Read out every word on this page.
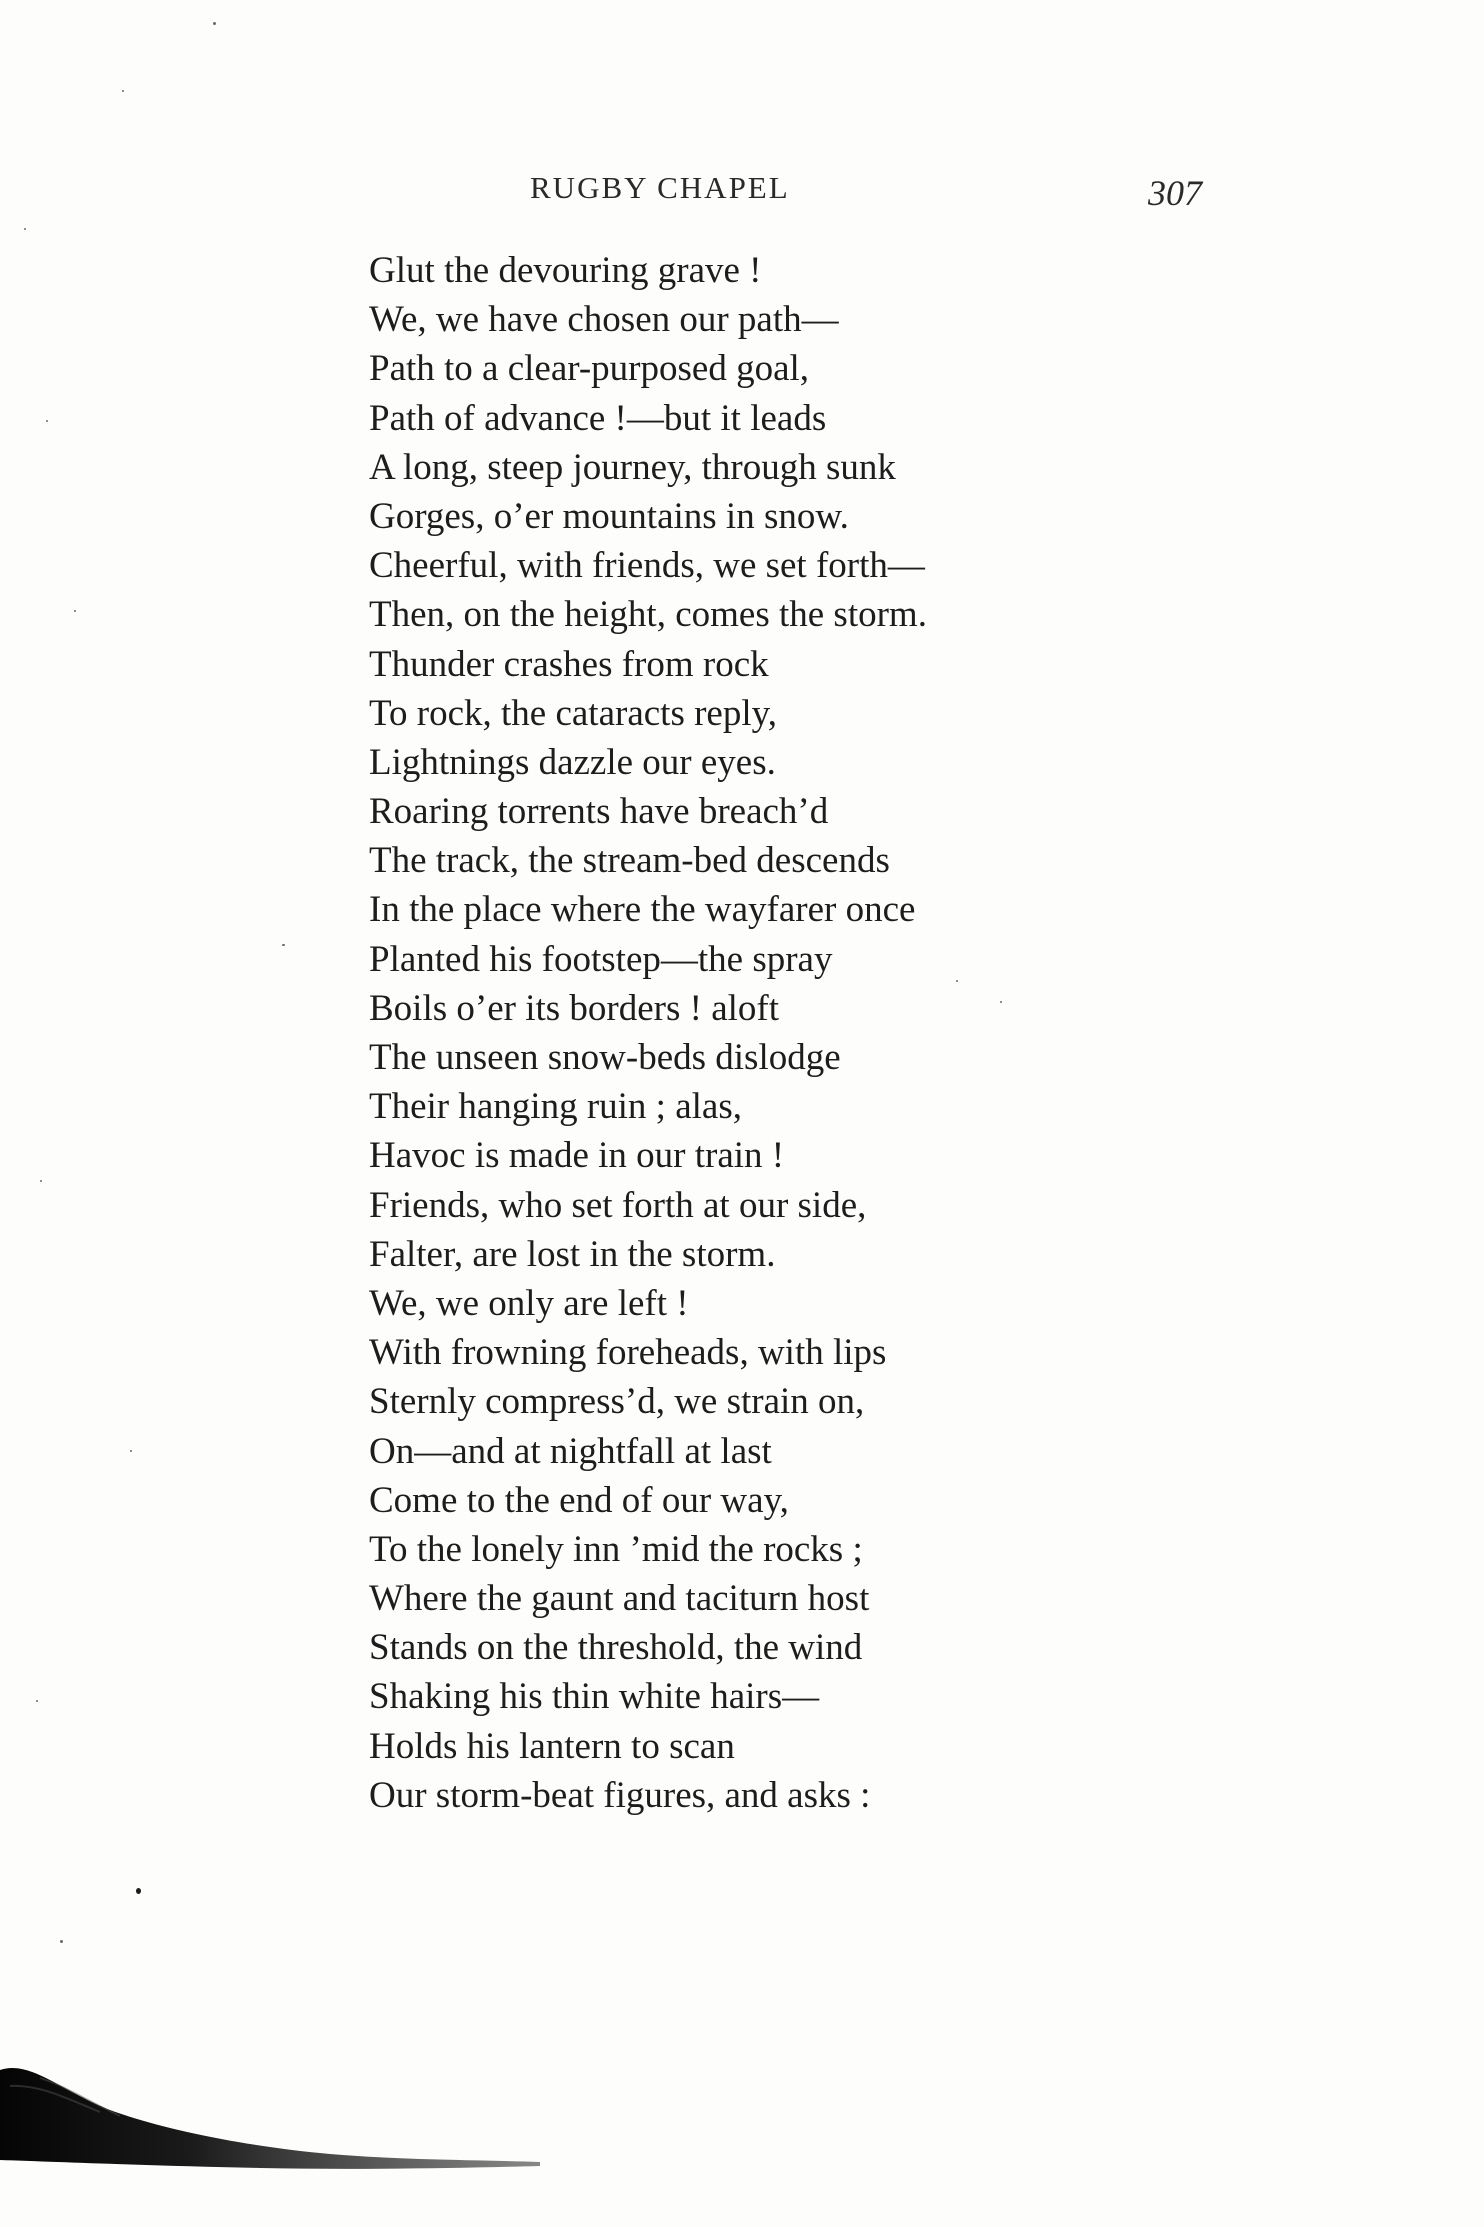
RUGBY CHAPEL	307
Glut the devouring grave !
We, we have chosen our path—
Path to a clear-purposed goal,
Path of advance !—but it leads
A long, steep journey, through sunk
Gorges, o’er mountains in snow.
Cheerful, with friends, we set forth—
Then, on the height, comes the storm.
Thunder crashes from rock
To rock, the cataracts reply,
Lightnings dazzle our eyes.
Roaring torrents have breach’d
The track, the stream-bed descends
In the place where the wayfarer once
Planted his footstep—the spray
Boils o’er its borders ! aloft
The unseen snow-beds dislodge
Their hanging ruin ; alas,
Havoc is made in our train !
Friends, who set forth at our side,
Falter, are lost in the storm.
We, we only are left !
With frowning foreheads, with lips
Sternly compress’d, we strain on,
On—and at nightfall at last
Come to the end of our way,
To the lonely inn ’mid the rocks ;
Where the gaunt and taciturn host
Stands on the threshold, the wind
Shaking his thin white hairs—
Holds his lantern to scan
Our storm-beat figures, and asks :
